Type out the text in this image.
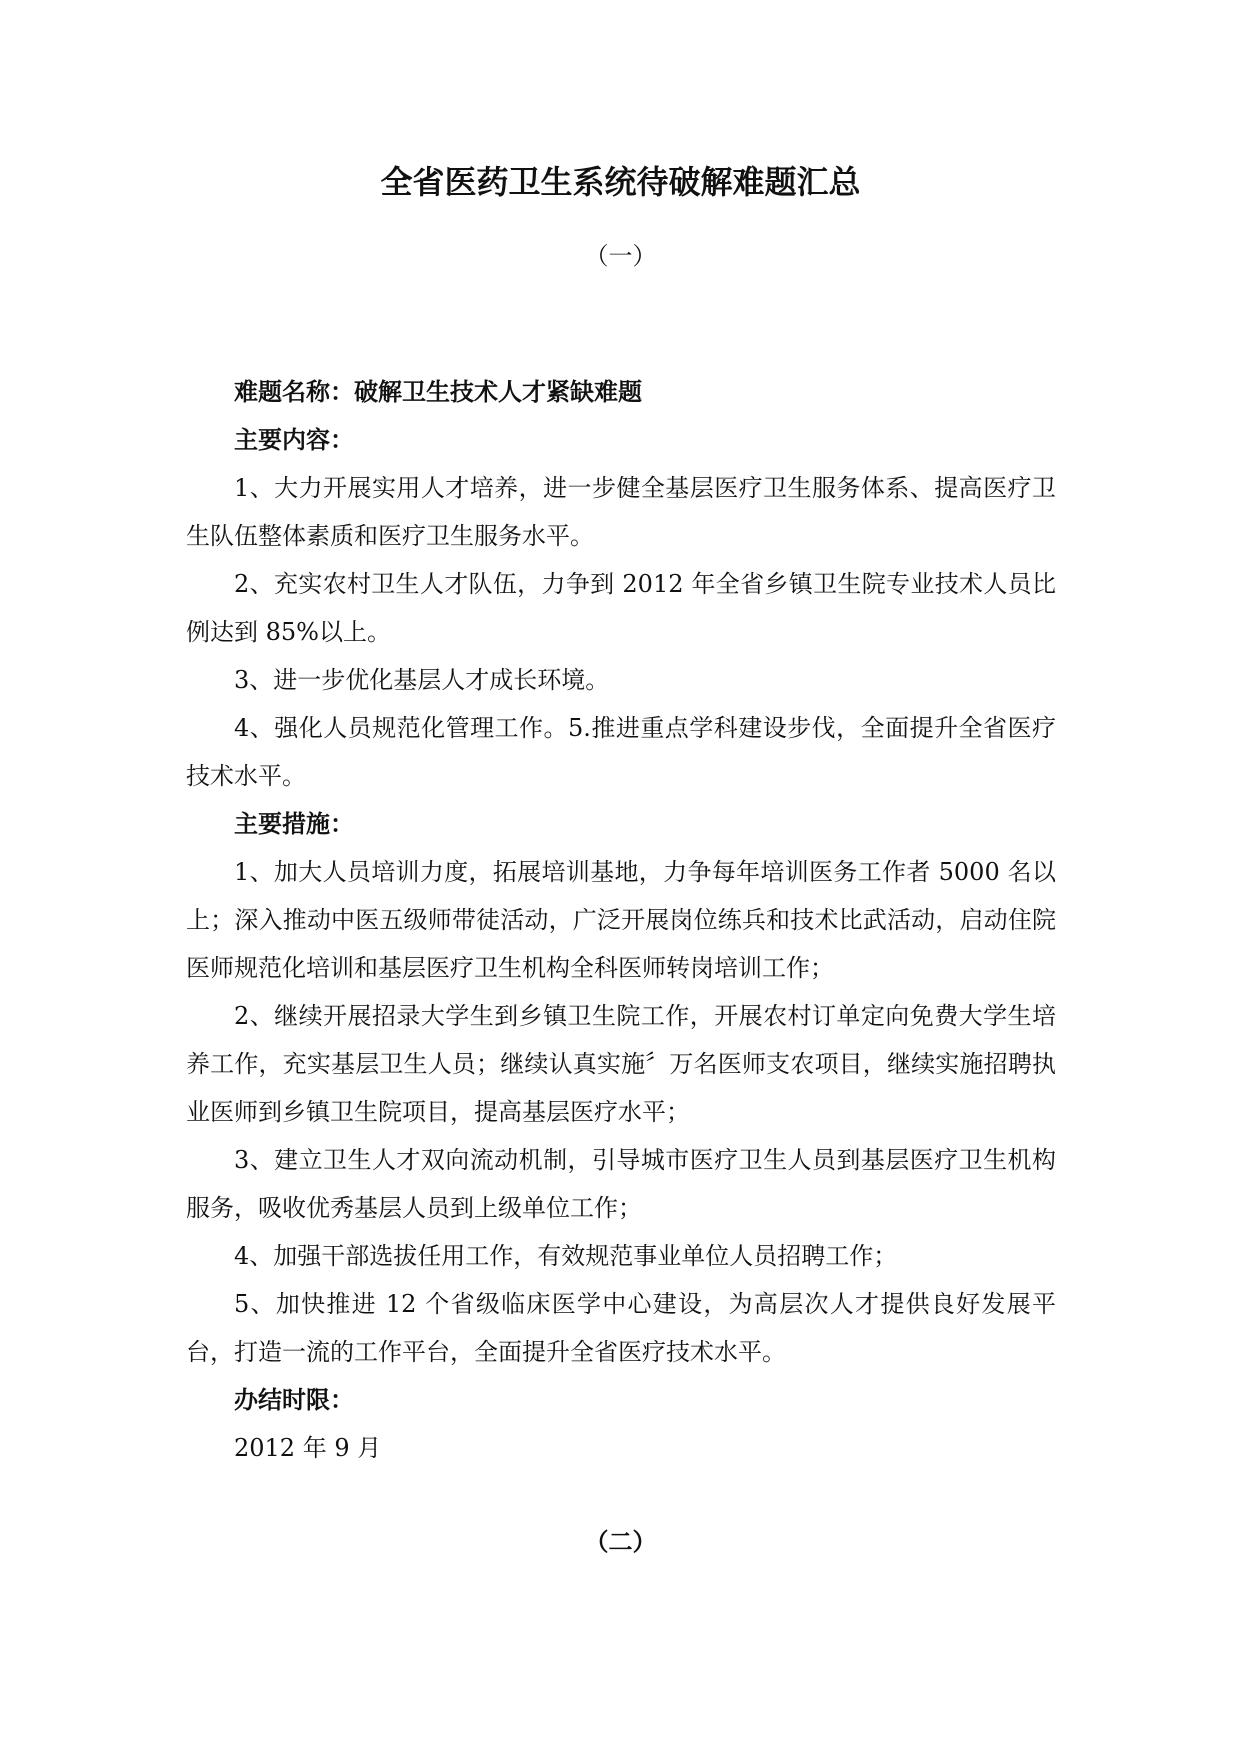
全省医药卫生系统待破解难题汇总
（一）

难题名称：破解卫生技术人才紧缺难题

主要内容：

1、大力开展实用人才培养，进一步健全基层医疗卫生服务体系、提高医疗卫生队伍整体素质和医疗卫生服务水平。

2、充实农村卫生人才队伍，力争到 2012 年全省乡镇卫生院专业技术人员比例达到 85%以上。

3、进一步优化基层人才成长环境。

4、强化人员规范化管理工作。5.推进重点学科建设步伐，全面提升全省医疗技术水平。

主要措施：

1、加大人员培训力度，拓展培训基地，力争每年培训医务工作者 5000 名以上；深入推动中医五级师带徒活动，广泛开展岗位练兵和技术比武活动，启动住院医师规范化培训和基层医疗卫生机构全科医师转岗培训工作；

2、继续开展招录大学生到乡镇卫生院工作，开展农村订单定向免费大学生培养工作，充实基层卫生人员；继续认真实施〞万名医师支农项目，继续实施招聘执业医师到乡镇卫生院项目，提高基层医疗水平；

3、建立卫生人才双向流动机制，引导城市医疗卫生人员到基层医疗卫生机构服务，吸收优秀基层人员到上级单位工作；

4、加强干部选拔任用工作，有效规范事业单位人员招聘工作；

5、加快推进 12 个省级临床医学中心建设，为高层次人才提供良好发展平台，打造一流的工作平台，全面提升全省医疗技术水平。

办结时限：

2012 年 9 月

（二）
